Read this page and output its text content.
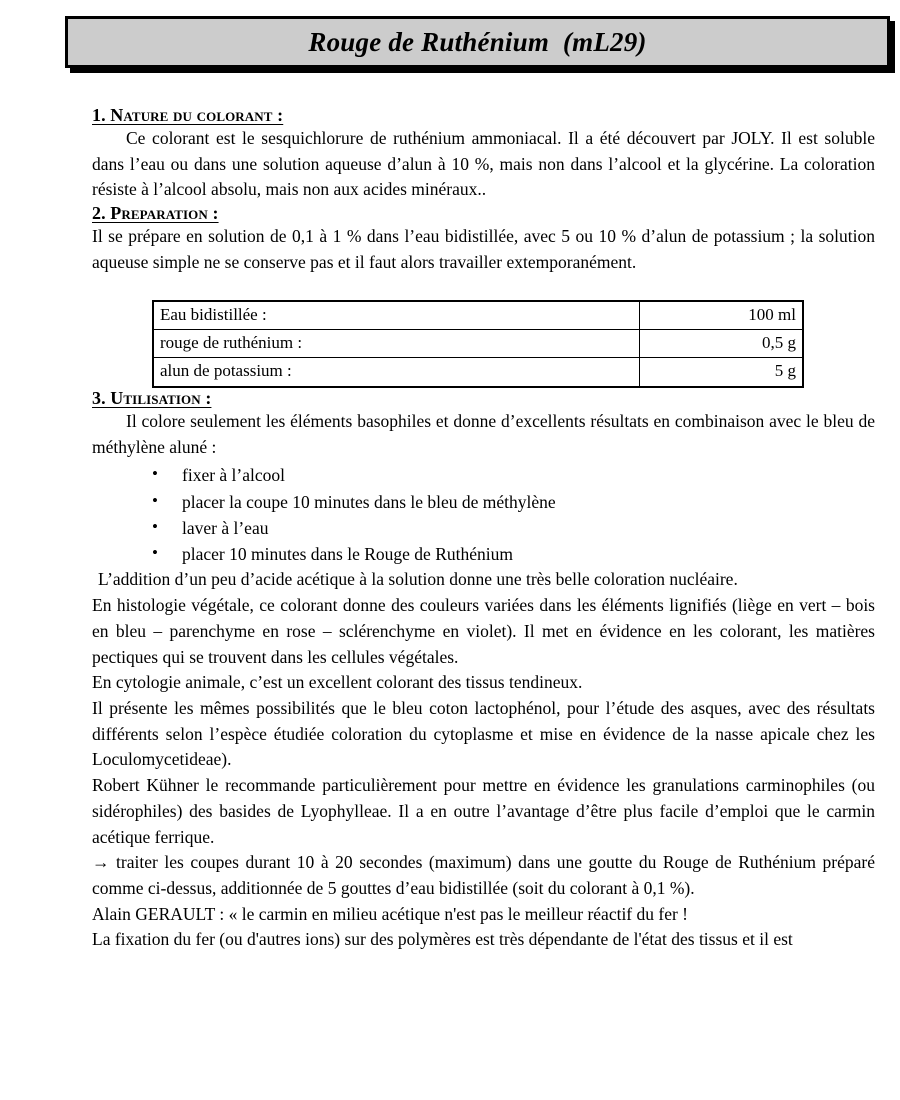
Rouge de Ruthénium  (mL29)
1. Nature du colorant :

Ce colorant est le sesquichlorure de ruthénium ammoniacal. Il a été découvert par JOLY. Il est soluble dans l’eau ou dans une solution aqueuse d’alun à 10 %, mais non dans l’alcool et la glycérine. La coloration résiste à l’alcool absolu, mais non aux acides minéraux..

2. Preparation :

Il se prépare en solution de 0,1 à 1 % dans l’eau bidistillée, avec 5 ou 10 % d’alun de potassium ; la solution aqueuse simple ne se conserve pas et il faut alors travailler extemporanément.

Eau bidistillée :	100 ml
rouge de ruthénium :	0,5 g
alun de potassium :	5 g
3. Utilisation :

Il colore seulement les éléments basophiles et donne d’excellents résultats en combinaison avec le bleu de méthylène aluné :

• fixer à l’alcool
• placer la coupe 10 minutes dans le bleu de méthylène
• laver à l’eau
• placer 10 minutes dans le Rouge de Ruthénium

L’addition d’un peu d’acide acétique à la solution donne une très belle coloration nucléaire.

En histologie végétale, ce colorant donne des couleurs variées dans les éléments lignifiés (liège en vert – bois en bleu – parenchyme en rose – sclérenchyme en violet). Il met en évidence en les colorant, les matières pectiques qui se trouvent dans les cellules végétales.

En cytologie animale, c’est un excellent colorant des tissus tendineux.

Il présente les mêmes possibilités que le bleu coton lactophénol, pour l’étude des asques, avec des résultats différents selon l’espèce étudiée coloration du cytoplasme et mise en évidence de la nasse apicale chez les Loculomycetideae).

Robert Kühner le recommande particulièrement pour mettre en évidence les granulations carminophiles (ou sidérophiles) des basides de Lyophylleae. Il a en outre l’avantage d’être plus facile d’emploi que le carmin acétique ferrique.

→ traiter les coupes durant 10 à 20 secondes (maximum) dans une goutte du Rouge de Ruthénium préparé comme ci-dessus, additionnée de 5 gouttes d’eau bidistillée (soit du colorant à 0,1 %).

Alain GERAULT : « le carmin en milieu acétique n'est pas le meilleur réactif du fer !

La fixation du fer (ou d'autres ions) sur des polymères est très dépendante de l'état des tissus et il est
